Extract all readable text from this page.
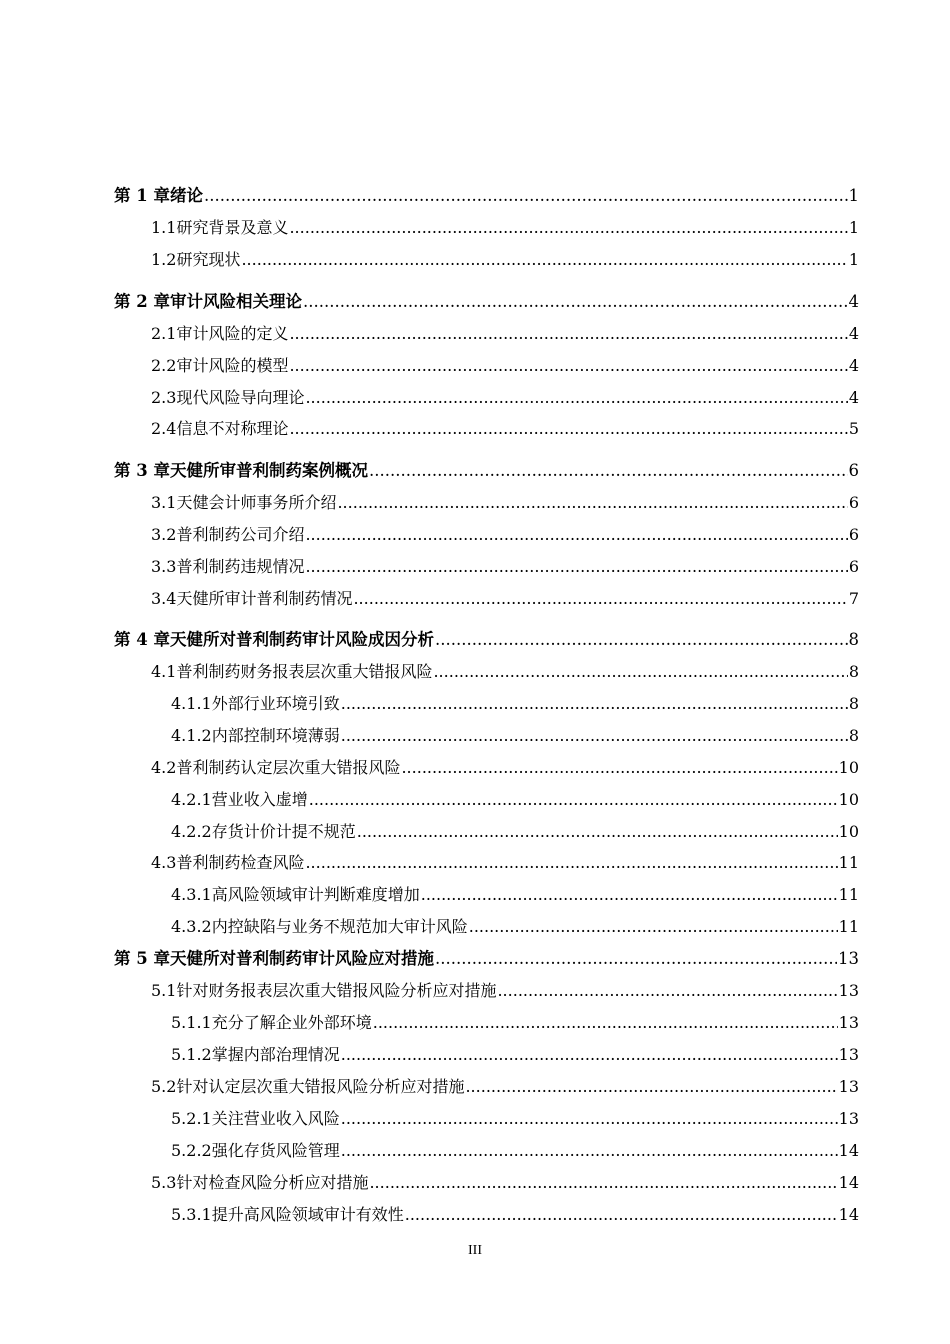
第 1 章 绪论 .....	1
1.1 研究背景及意义 .....	1
1.2 研究现状 .....	1
第 2 章 审计风险相关理论 .....	4
2.1 审计风险的定义 .....	4
2.2 审计风险的模型 .....	4
2.3 现代风险导向理论 .....	4
2.4 信息不对称理论 .....	5
第 3 章 天健所审普利制药案例概况 .....	6
3.1 天健会计师事务所介绍 .....	6
3.2 普利制药公司介绍 .....	6
3.3 普利制药违规情况 .....	6
3.4 天健所审计普利制药情况 .....	7
第 4 章 天健所对普利制药审计风险成因分析 .....	8
4.1 普利制药财务报表层次重大错报风险 .....	8
4.1.1 外部行业环境引致 .....	8
4.1.2 内部控制环境薄弱 .....	8
4.2 普利制药认定层次重大错报风险 .....	10
4.2.1 营业收入虚增 .....	10
4.2.2 存货计价计提不规范 .....	10
4.3 普利制药检查风险 .....	11
4.3.1 高风险领域审计判断难度增加 .....	11
4.3.2 内控缺陷与业务不规范加大审计风险 .....	11
第 5 章 天健所对普利制药审计风险应对措施 .....	13
5.1 针对财务报表层次重大错报风险分析应对措施 .....	13
5.1.1 充分了解企业外部环境 .....	13
5.1.2 掌握内部治理情况 .....	13
5.2 针对认定层次重大错报风险分析应对措施 .....	13
5.2.1 关注营业收入风险 .....	13
5.2.2 强化存货风险管理 .....	14
5.3 针对检查风险分析应对措施 .....	14
5.3.1 提升高风险领域审计有效性 .....	14
III
